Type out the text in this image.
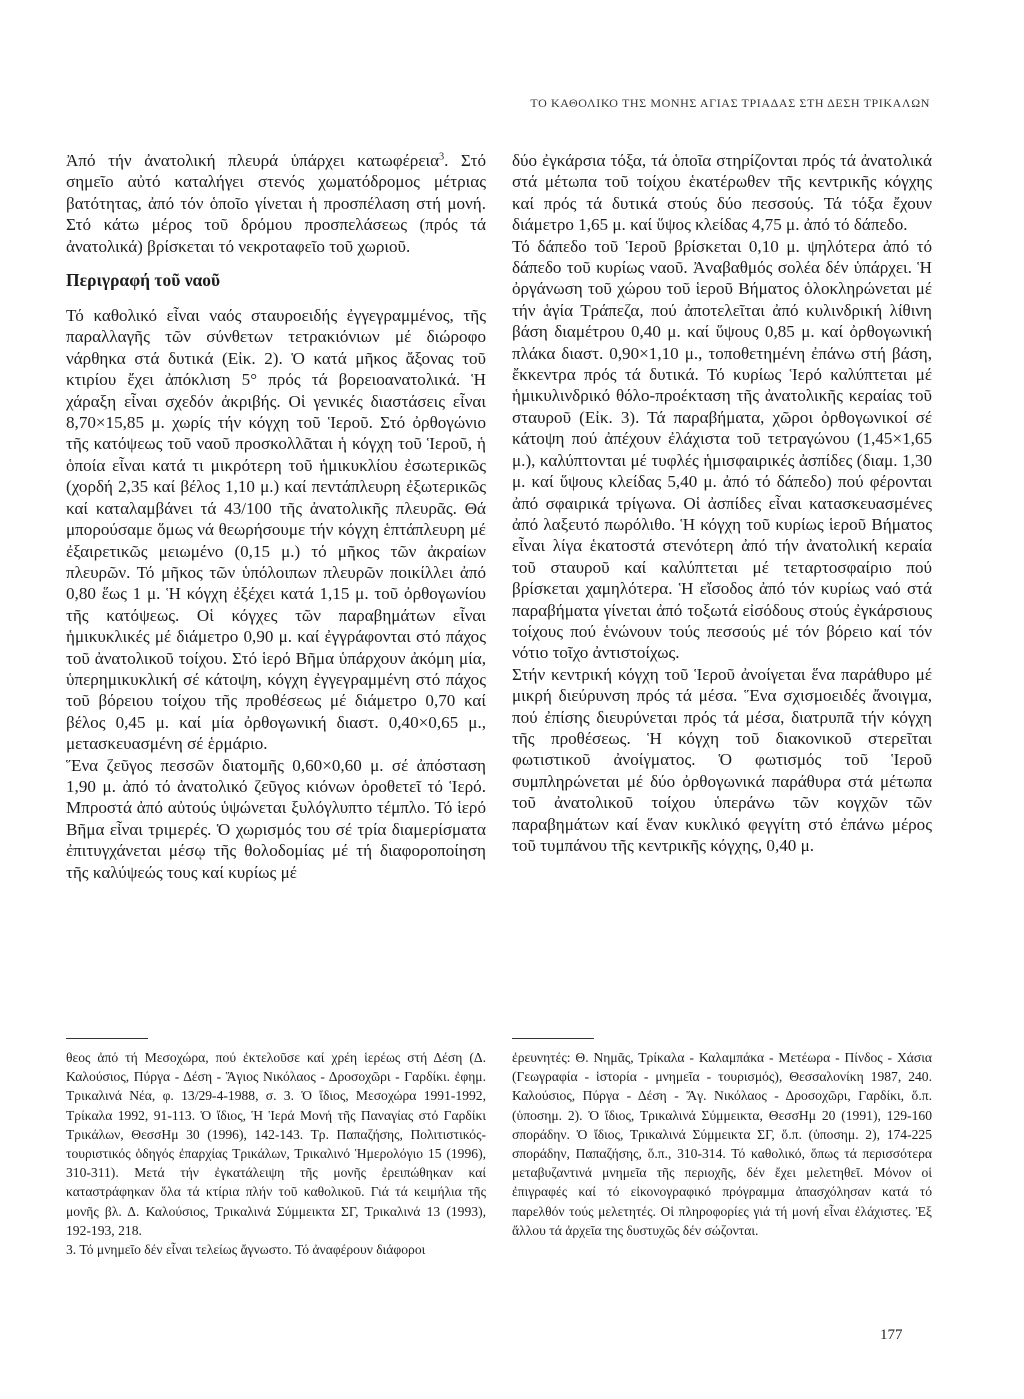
ΤΟ ΚΑΘΟΛΙΚΟ ΤΗΣ ΜΟΝΗΣ ΑΓΙΑΣ ΤΡΙΑΔΑΣ ΣΤΗ ΔΕΣΗ ΤΡΙΚΑΛΩΝ

Ἀπό τήν ἀνατολική πλευρά ὑπάρχει κατωφέρεια$^3$. Στό σημεῖο αὐτό καταλήγει στενός χωματόδρομος μέτριας βατότητας, ἀπό τόν ὁποῖο γίνεται ἡ προσπέλαση στή μονή. Στό κάτω μέρος τοῦ δρόμου προσπελάσεως (πρός τά ἀνατολικά) βρίσκεται τό νεκροταφεῖο τοῦ χωριοῦ.

Περιγραφή τοῦ ναοῦ

Τό καθολικό εἶναι ναός σταυροειδής ἐγγεγραμμένος, τῆς παραλλαγῆς τῶν σύνθετων τετρακιόνιων μέ διώροφο νάρθηκα στά δυτικά (Εἰκ. 2). Ὁ κατά μῆκος ἄξονας τοῦ κτιρίου ἔχει ἀπόκλιση 5° πρός τά βορειοανατολικά. Ἡ χάραξη εἶναι σχεδόν ἀκριβής. Οἱ γενικές διαστάσεις εἶναι 8,70×15,85 μ. χωρίς τήν κόγχη τοῦ Ἱεροῦ. Στό ὀρθογώνιο τῆς κατόψεως τοῦ ναοῦ προσκολλᾶται ἡ κόγχη τοῦ Ἱεροῦ, ἡ ὁποία εἶναι κατά τι μικρότερη τοῦ ἡμικυκλίου ἐσωτερικῶς (χορδή 2,35 καί βέλος 1,10 μ.) καί πεντάπλευρη ἐξωτερικῶς καί καταλαμβάνει τά 43/100 τῆς ἀνατολικῆς πλευρᾶς. Θά μπορούσαμε ὅμως νά θεωρήσουμε τήν κόγχη ἑπτάπλευρη μέ ἐξαιρετικῶς μειωμένο (0,15 μ.) τό μῆκος τῶν ἀκραίων πλευρῶν. Τό μῆκος τῶν ὑπόλοιπων πλευρῶν ποικίλλει ἀπό 0,80 ἕως 1 μ. Ἡ κόγχη ἐξέχει κατά 1,15 μ. τοῦ ὀρθογωνίου τῆς κατόψεως. Οἱ κόγχες τῶν παραβημάτων εἶναι ἡμικυκλικές μέ διάμετρο 0,90 μ. καί ἐγγράφονται στό πάχος τοῦ ἀνατολικοῦ τοίχου. Στό ἱερό Βῆμα ὑπάρχουν ἀκόμη μία, ὑπερημικυκλική σέ κάτοψη, κόγχη ἐγγεγραμμένη στό πάχος τοῦ βόρειου τοίχου τῆς προθέσεως μέ διάμετρο 0,70 καί βέλος 0,45 μ. καί μία ὀρθογωνική διαστ. 0,40×0,65 μ., μετασκευασμένη σέ ἑρμάριο.

Ἕνα ζεῦγος πεσσῶν διατομῆς 0,60×0,60 μ. σέ ἀπόσταση 1,90 μ. ἀπό τό ἀνατολικό ζεῦγος κιόνων ὁροθετεῖ τό Ἱερό. Μπροστά ἀπό αὐτούς ὑψώνεται ξυλόγλυπτο τέμπλο. Τό ἱερό Βῆμα εἶναι τριμερές. Ὁ χωρισμός του σέ τρία διαμερίσματα ἐπιτυγχάνεται μέσῳ τῆς θολοδομίας μέ τή διαφοροποίηση τῆς καλύψεώς τους καί κυρίως μέ

δύο ἐγκάρσια τόξα, τά ὁποῖα στηρίζονται πρός τά ἀνατολικά στά μέτωπα τοῦ τοίχου ἑκατέρωθεν τῆς κεντρικῆς κόγχης καί πρός τά δυτικά στούς δύο πεσσούς. Τά τόξα ἔχουν διάμετρο 1,65 μ. καί ὕψος κλείδας 4,75 μ. ἀπό τό δάπεδο.

Τό δάπεδο τοῦ Ἱεροῦ βρίσκεται 0,10 μ. ψηλότερα ἀπό τό δάπεδο τοῦ κυρίως ναοῦ. Ἀναβαθμός σολέα δέν ὑπάρχει. Ἡ ὀργάνωση τοῦ χώρου τοῦ ἱεροῦ Βήματος ὁλοκληρώνεται μέ τήν ἁγία Τράπεζα, πού ἀποτελεῖται ἀπό κυλινδρική λίθινη βάση διαμέτρου 0,40 μ. καί ὕψους 0,85 μ. καί ὀρθογωνική πλάκα διαστ. 0,90×1,10 μ., τοποθετημένη ἐπάνω στή βάση, ἔκκεντρα πρός τά δυτικά. Τό κυρίως Ἱερό καλύπτεται μέ ἡμικυλινδρικό θόλο-προέκταση τῆς ἀνατολικῆς κεραίας τοῦ σταυροῦ (Εἰκ. 3). Τά παραβήματα, χῶροι ὀρθογωνικοί σέ κάτοψη πού ἀπέχουν ἐλάχιστα τοῦ τετραγώνου (1,45×1,65 μ.), καλύπτονται μέ τυφλές ἡμισφαιρικές ἀσπίδες (διαμ. 1,30 μ. καί ὕψους κλείδας 5,40 μ. ἀπό τό δάπεδο) πού φέρονται ἀπό σφαιρικά τρίγωνα. Οἱ ἀσπίδες εἶναι κατασκευασμένες ἀπό λαξευτό πωρόλιθο. Ἡ κόγχη τοῦ κυρίως ἱεροῦ Βήματος εἶναι λίγα ἑκατοστά στενότερη ἀπό τήν ἀνατολική κεραία τοῦ σταυροῦ καί καλύπτεται μέ τεταρτοσφαίριο πού βρίσκεται χαμηλότερα. Ἡ εἴσοδος ἀπό τόν κυρίως ναό στά παραβήματα γίνεται ἀπό τοξωτά εἰσόδους στούς ἐγκάρσιους τοίχους πού ἑνώνουν τούς πεσσούς μέ τόν βόρειο καί τόν νότιο τοῖχο ἀντιστοίχως.

Στήν κεντρική κόγχη τοῦ Ἱεροῦ ἀνοίγεται ἕνα παράθυρο μέ μικρή διεύρυνση πρός τά μέσα. Ἕνα σχισμοειδές ἄνοιγμα, πού ἐπίσης διευρύνεται πρός τά μέσα, διατρυπᾶ τήν κόγχη τῆς προθέσεως. Ἡ κόγχη τοῦ διακονικοῦ στερεῖται φωτιστικοῦ ἀνοίγματος. Ὁ φωτισμός τοῦ Ἱεροῦ συμπληρώνεται μέ δύο ὀρθογωνικά παράθυρα στά μέτωπα τοῦ ἀνατολικοῦ τοίχου ὑπεράνω τῶν κογχῶν τῶν παραβημάτων καί ἕναν κυκλικό φεγγίτη στό ἐπάνω μέρος τοῦ τυμπάνου τῆς κεντρικῆς κόγχης, 0,40 μ.

θεος ἀπό τή Μεσοχώρα, πού ἐκτελοῦσε καί χρέη ἱερέως στή Δέση (Δ. Καλούσιος, Πύργα - Δέση - Ἅγιος Νικόλαος - Δροσοχῶρι - Γαρδίκι. ἐφημ. Τρικαλινά Νέα, φ. 13/29-4-1988, σ. 3. Ὁ ἴδιος, Μεσοχώρα 1991-1992, Τρίκαλα 1992, 91-113. Ὁ ἴδιος, Ἡ Ἱερά Μονή τῆς Παναγίας στό Γαρδίκι Τρικάλων, ΘεσσΗμ 30 (1996), 142-143. Τρ. Παπαζήσης, Πολιτιστικός-τουριστικός ὁδηγός ἐπαρχίας Τρικάλων, Τρικαλινό Ἡμερολόγιο 15 (1996), 310-311). Μετά τήν ἐγκατάλειψη τῆς μονῆς ἐρειπώθηκαν καί καταστράφηκαν ὅλα τά κτίρια πλήν τοῦ καθολικοῦ. Γιά τά κειμήλια τῆς μονῆς βλ. Δ. Καλούσιος, Τρικαλινά Σύμμεικτα ΣΓ, Τρικαλινά 13 (1993), 192-193, 218.

3. Τό μνημεῖο δέν εἶναι τελείως ἄγνωστο. Τό ἀναφέρουν διάφοροι

ἐρευνητές: Θ. Νημᾶς, Τρίκαλα - Καλαμπάκα - Μετέωρα - Πίνδος - Χάσια (Γεωγραφία - ἱστορία - μνημεῖα - τουρισμός), Θεσσαλονίκη 1987, 240. Καλούσιος, Πύργα - Δέση - Ἅγ. Νικόλαος - Δροσοχῶρι, Γαρδίκι, ὅ.π. (ὑποσημ. 2). Ὁ ἴδιος, Τρικαλινά Σύμμεικτα, ΘεσσΗμ 20 (1991), 129-160 σποράδην. Ὁ ἴδιος, Τρικαλινά Σύμμεικτα ΣΓ, ὅ.π. (ὑποσημ. 2), 174-225 σποράδην, Παπαζήσης, ὅ.π., 310-314. Τό καθολικό, ὅπως τά περισσότερα μεταβυζαντινά μνημεῖα τῆς περιοχῆς, δέν ἔχει μελετηθεῖ. Μόνον οἱ ἐπιγραφές καί τό εἰκονογραφικό πρόγραμμα ἀπασχόλησαν κατά τό παρελθόν τούς μελετητές. Οἱ πληροφορίες γιά τή μονή εἶναι ἐλάχιστες. Ἐξ ἄλλου τά ἀρχεῖα της δυστυχῶς δέν σώζονται.

177
